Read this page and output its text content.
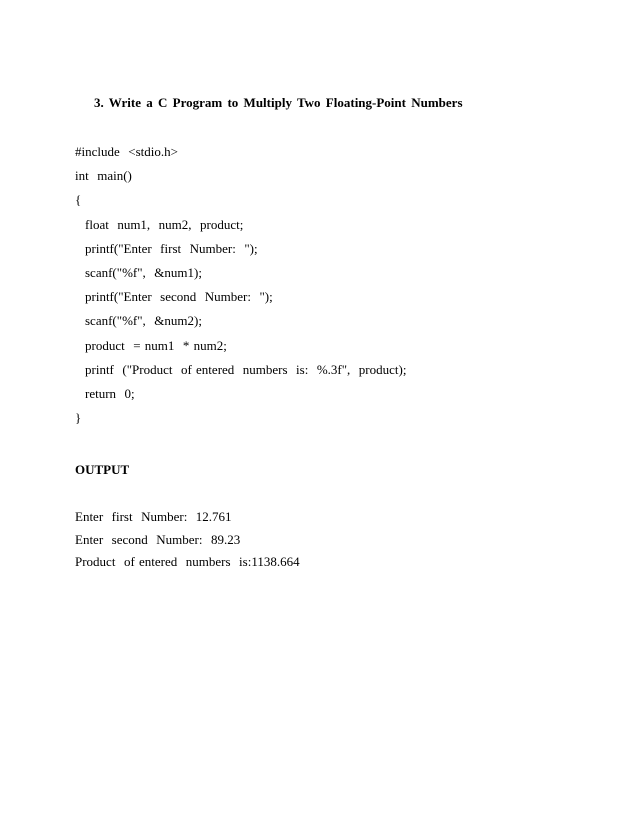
3. Write a C Program to Multiply Two Floating-Point Numbers
#include  <stdio.h>
int  main()
{
float  num1,  num2,  product;
printf("Enter  first  Number:  ");
scanf("%f",  &num1);
printf("Enter  second  Number:  ");
scanf("%f",  &num2);
product  = num1  * num2;
printf  ("Product  of entered  numbers  is:  %.3f",  product);
return  0;
}
OUTPUT
Enter  first  Number:  12.761
Enter  second  Number:  89.23
Product  of entered  numbers  is:1138.664
